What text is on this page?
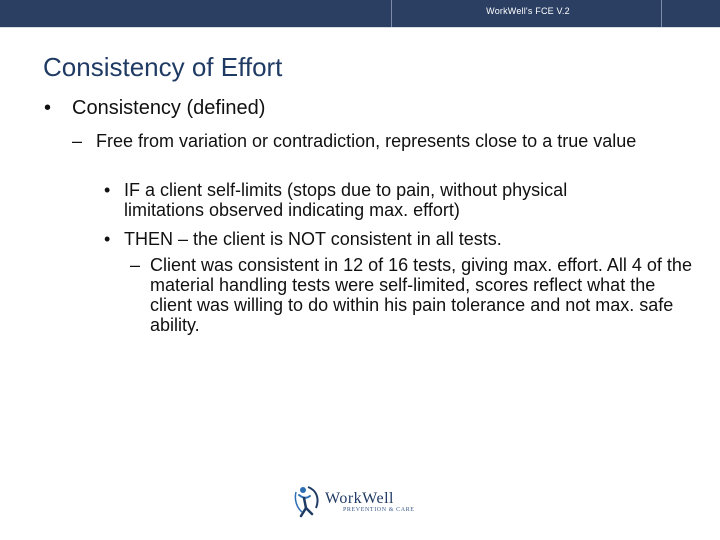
WorkWell's FCE V.2
Consistency of Effort
• Consistency (defined)
– Free from variation or contradiction, represents close to a true value
• IF a client self-limits (stops due to pain, without physical limitations observed indicating max. effort)
• THEN – the client is NOT consistent in all tests.
– Client was consistent in 12 of 16 tests, giving max. effort. All 4 of the material handling tests were self-limited, scores reflect what the client was willing to do within his pain tolerance and not max. safe ability.
WorkWell
PREVENTION & CARE
